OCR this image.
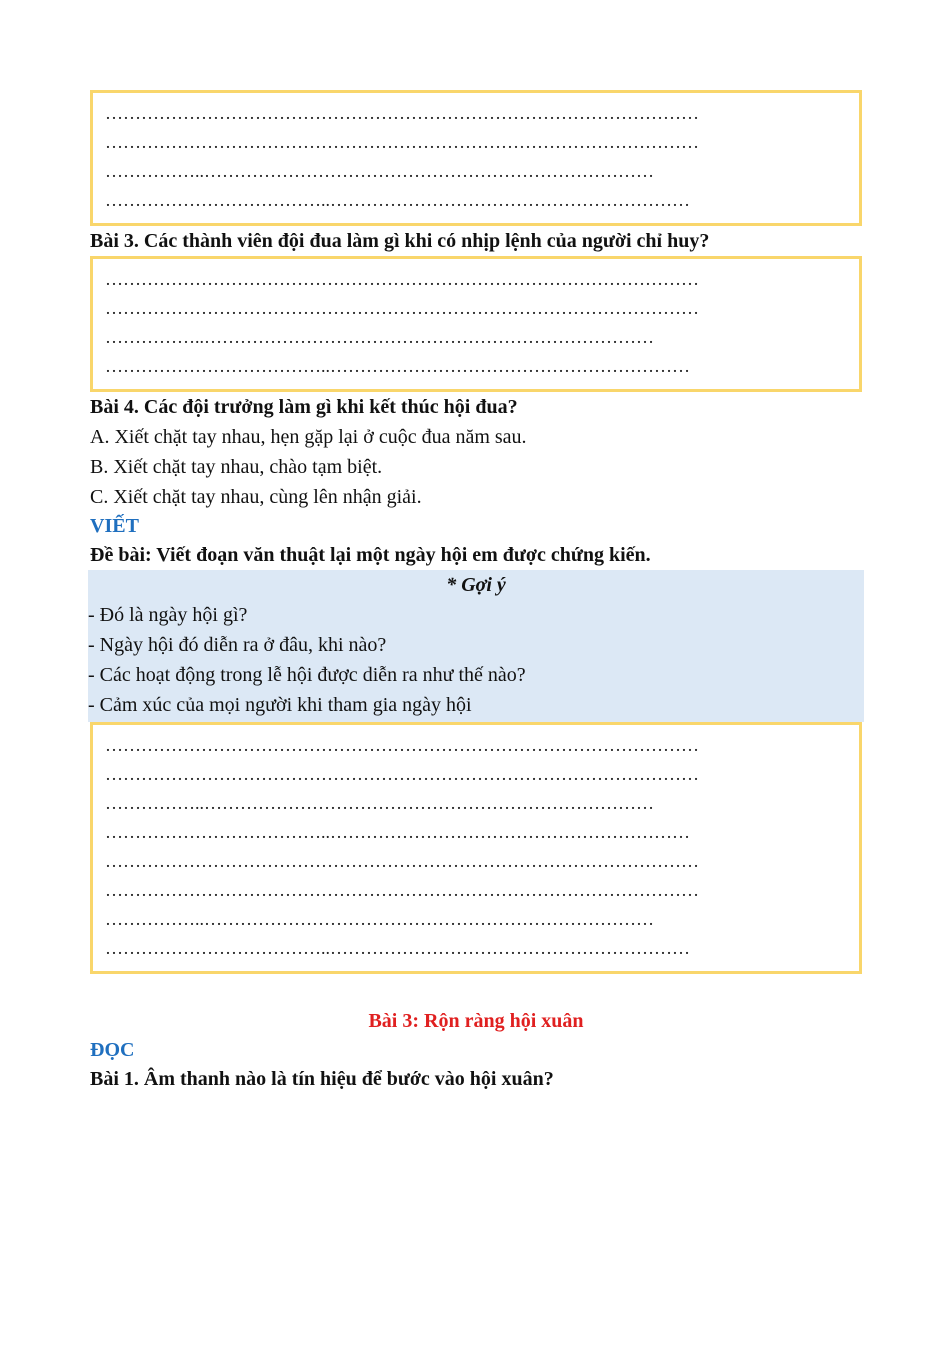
………………………………………………………………………………………
………………………………………………………………………………………
……………..…………………………………………………………………
………………………………..……………………………………………………

Bài 3. Các thành viên đội đua làm gì khi có nhịp lệnh của người chỉ huy?

………………………………………………………………………………………
………………………………………………………………………………………
……………..…………………………………………………………………
………………………………..……………………………………………………

Bài 4. Các đội trưởng làm gì khi kết thúc hội đua?

A. Xiết chặt tay nhau, hẹn gặp lại ở cuộc đua năm sau.

B. Xiết chặt tay nhau, chào tạm biệt.

C. Xiết chặt tay nhau, cùng lên nhận giải.

VIẾT

Đề bài: Viết đoạn văn thuật lại một ngày hội em được chứng kiến.

* Gợi ý
- Đó là ngày hội gì?
- Ngày hội đó diễn ra ở đâu, khi nào?
- Các hoạt động trong lễ hội được diễn ra như thế nào?
- Cảm xúc của mọi người khi tham gia ngày hội
………………………………………………………………………………………
………………………………………………………………………………………
……………..…………………………………………………………………
………………………………..……………………………………………………
………………………………………………………………………………………
………………………………………………………………………………………
……………..…………………………………………………………………
………………………………..……………………………………………………
Bài 3: Rộn ràng hội xuân

ĐỌC

Bài 1. Âm thanh nào là tín hiệu để bước vào hội xuân?
